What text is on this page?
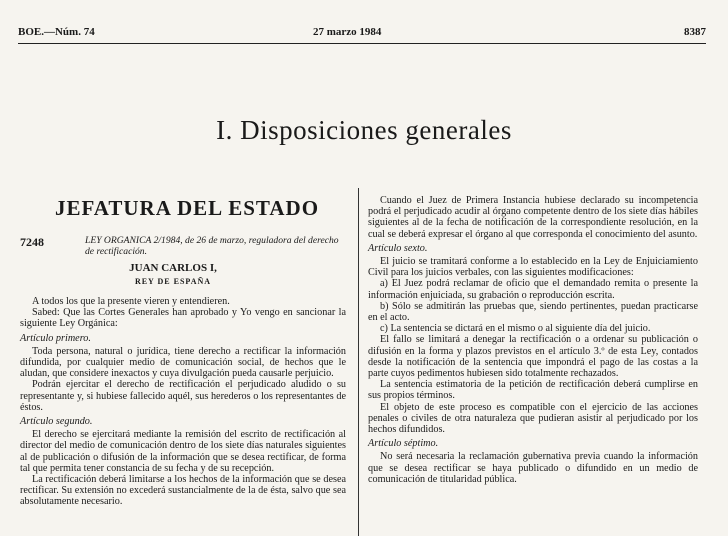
BOE.—Núm. 74	27 marzo 1984	8387
I. Disposiciones generales
JEFATURA DEL ESTADO
7248	LEY ORGANICA 2/1984, de 26 de marzo, reguladora del derecho de rectificación.
JUAN CARLOS I,
REY DE ESPAÑA

A todos los que la presente vieren y entendieren.

Sabed: Que las Cortes Generales han aprobado y Yo vengo en sancionar la siguiente Ley Orgánica:

Artículo primero.

Toda persona, natural o jurídica, tiene derecho a rectificar la información difundida, por cualquier medio de comunicación social, de hechos que le aludan, que considere inexactos y cuya divulgación pueda causarle perjuicio.

Podrán ejercitar el derecho de rectificación el perjudicado aludido o su representante y, si hubiese fallecido aquél, sus herederos o los representantes de éstos.

Artículo segundo.

El derecho se ejercitará mediante la remisión del escrito de rectificación al director del medio de comunicación dentro de los siete días naturales siguientes al de publicación o difusión de la información que se desea rectificar, de forma tal que permita tener constancia de su fecha y de su recepción.

La rectificación deberá limitarse a los hechos de la información que se desea rectificar. Su extensión no excederá sustancialmente de la de ésta, salvo que sea absolutamente necesario.

Cuando el Juez de Primera Instancia hubiese declarado su incompetencia podrá el perjudicado acudir al órgano competente dentro de los siete días hábiles siguientes al de la fecha de notificación de la correspondiente resolución, en la cual se deberá expresar el órgano al que corresponda el conocimiento del asunto.

Artículo sexto.

El juicio se tramitará conforme a lo establecido en la Ley de Enjuiciamiento Civil para los juicios verbales, con las siguientes modificaciones:

a) El Juez podrá reclamar de oficio que el demandado remita o presente la información enjuiciada, su grabación o reproducción escrita.

b) Sólo se admitirán las pruebas que, siendo pertinentes, puedan practicarse en el acto.

c) La sentencia se dictará en el mismo o al siguiente día del juicio.

El fallo se limitará a denegar la rectificación o a ordenar su publicación o difusión en la forma y plazos previstos en el artículo 3.º de esta Ley, contados desde la notificación de la sentencia que impondrá el pago de las costas a la parte cuyos pedimentos hubiesen sido totalmente rechazados.

La sentencia estimatoria de la petición de rectificación deberá cumplirse en sus propios términos.

El objeto de este proceso es compatible con el ejercicio de las acciones penales o civiles de otra naturaleza que pudieran asistir al perjudicado por los hechos difundidos.

Artículo séptimo.

No será necesaria la reclamación gubernativa previa cuando la información que se desea rectificar se haya publicado o difundido en un medio de comunicación de titularidad pública.
